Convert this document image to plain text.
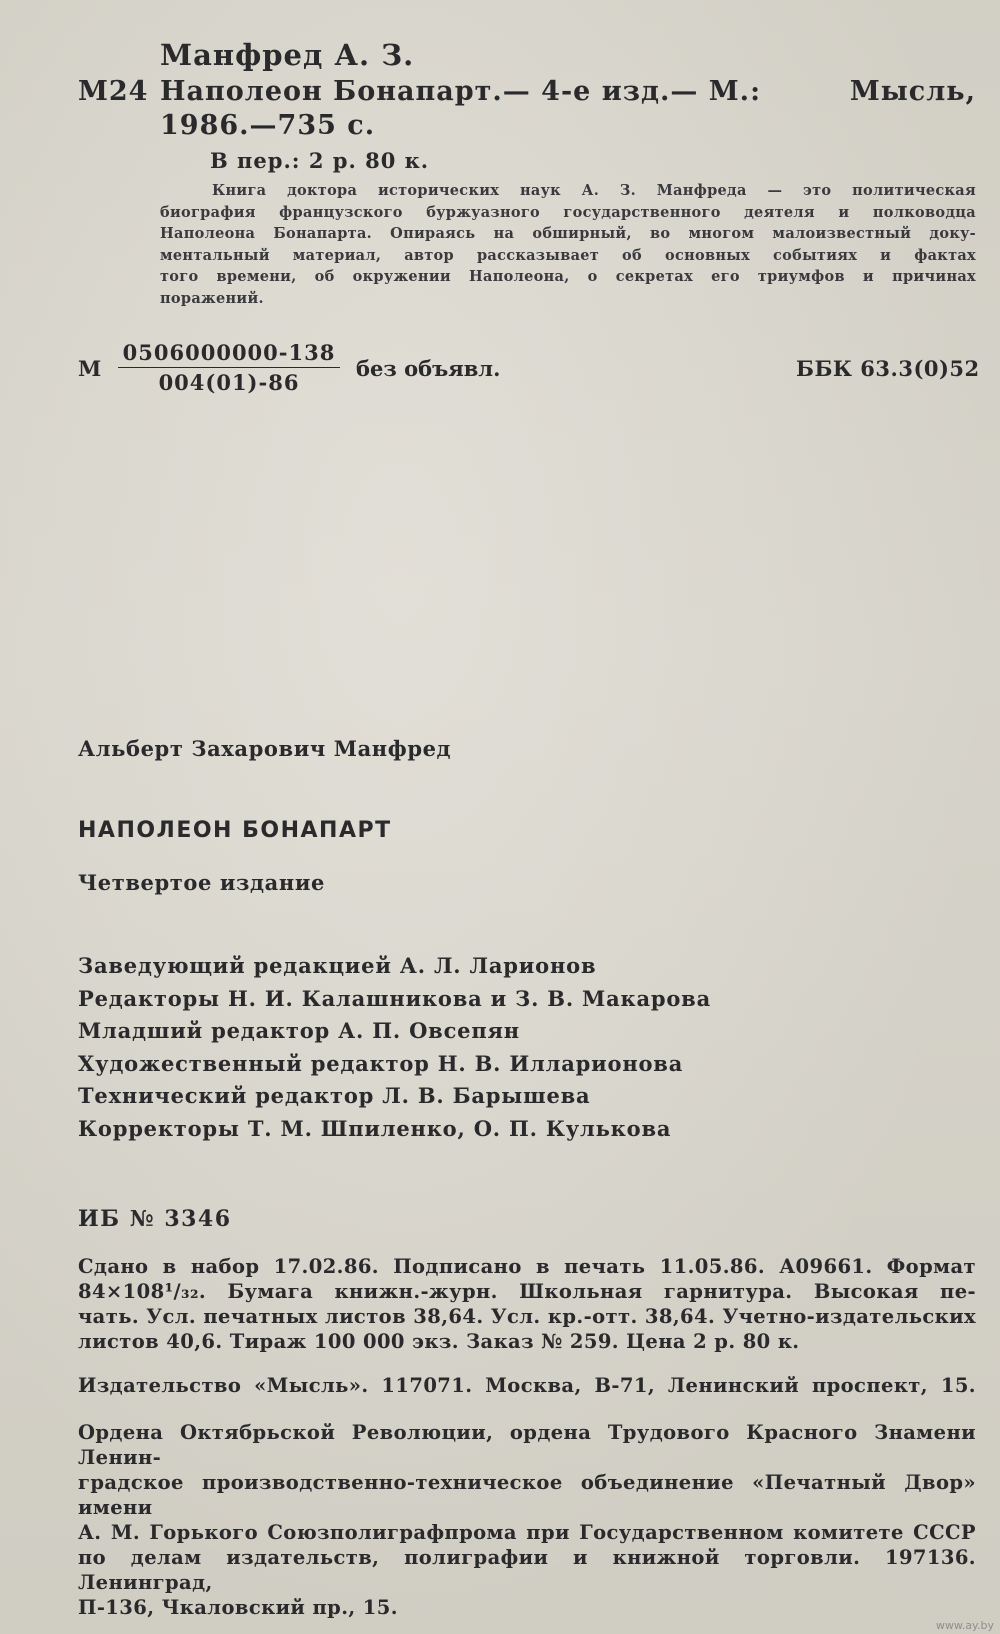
Манфред А. З.
М24 Наполеон Бонапарт.— 4-е изд.— М.:	Мысль,
1986.—735 с.
В пер.: 2 р. 80 к.
Книга доктора исторических наук А. З. Манфреда — это политическая
биография французского буржуазного государственного деятеля и полководца
Наполеона Бонапарта. Опираясь на обширный, во многом малоизвестный доку-
ментальный материал, автор рассказывает об основных событиях и фактах
того времени, об окружении Наполеона, о секретах его триумфов и причинах
поражений.
М
0506000000-138
004(01)-86
без объявл.	ББК 63.3(0)52
Альберт Захарович Манфред
НАПОЛЕОН БОНАПАРТ
Четвертое издание
Заведующий редакцией А. Л. Ларионов
Редакторы Н. И. Калашникова и З. В. Макарова
Младший редактор А. П. Овсепян
Художественный редактор Н. В. Илларионова
Технический редактор Л. В. Барышева
Корректоры Т. М. Шпиленко, О. П. Кулькова
ИБ № 3346
Сдано в набор 17.02.86. Подписано в печать 11.05.86. А09661. Формат
84×108¹/₃₂. Бумага книжн.-журн. Школьная гарнитура. Высокая пе-
чать. Усл. печатных листов 38,64. Усл. кр.-отт. 38,64. Учетно-издательских
листов 40,6. Тираж 100 000 экз. Заказ № 259. Цена 2 р. 80 к.
Издательство «Мысль». 117071. Москва, В-71, Ленинский проспект, 15.
Ордена Октябрьской Революции, ордена Трудового Красного Знамени Ленин-
градское производственно-техническое объединение «Печатный Двор» имени
А. М. Горького Союзполиграфпрома при Государственном комитете СССР
по делам издательств, полиграфии и книжной торговли. 197136. Ленинград,
П-136, Чкаловский пр., 15.
www.ay.by
